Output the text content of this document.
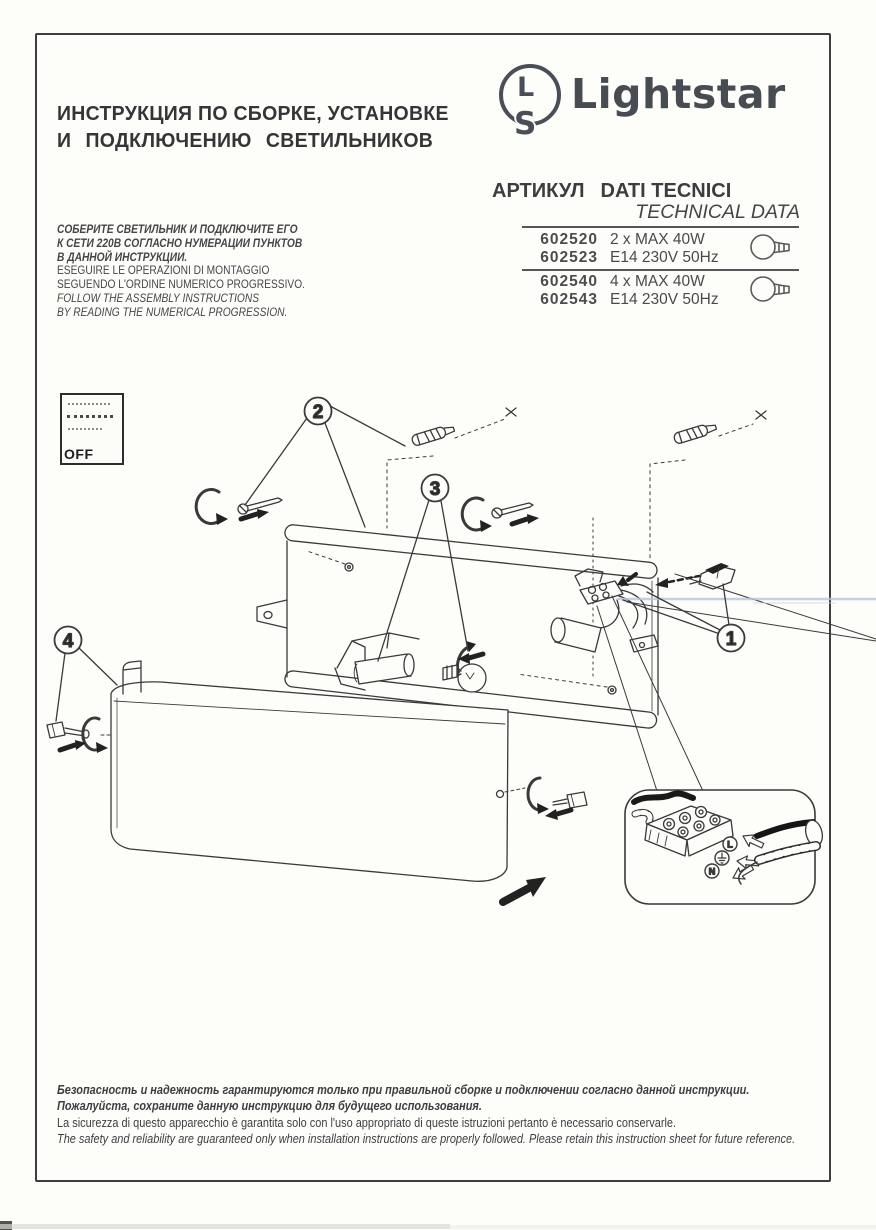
ИНСТРУКЦИЯ ПО СБОРКЕ, УСТАНОВКЕ
И ПОДКЛЮЧЕНИЮ СВЕТИЛЬНИКОВ
L
S
Lightstar
АРТИКУЛ DATI TECNICI
TECHNICAL DATA
602520
602523
2 x MAX 40W
E14 230V 50Hz
602540
602543
4 x MAX 40W
E14 230V 50Hz
СОБЕРИТЕ СВЕТИЛЬНИК И ПОДКЛЮЧИТЕ ЕГО
К СЕТИ 220В СОГЛАСНО НУМЕРАЦИИ ПУНКТОВ
В ДАННОЙ ИНСТРУКЦИИ.
ESEGUIRE LE OPERAZIONI DI MONTAGGIO
SEGUENDO L'ORDINE NUMERICO PROGRESSIVO.
FOLLOW THE ASSEMBLY INSTRUCTIONS
BY READING THE NUMERICAL PROGRESSION.
L
N
2
3
1
4
OFF
Безопасность и надежность гарантируются только при правильной сборке и подключении согласно данной инструкции.
Пожалуйста, сохраните данную инструкцию для будущего использования.
La sicurezza di questo apparecchio è garantita solo con l'uso appropriato di queste istruzioni pertanto è necessario conservarle.
The safety and reliability are guaranteed only when installation instructions are properly followed. Please retain this instruction sheet for future reference.
